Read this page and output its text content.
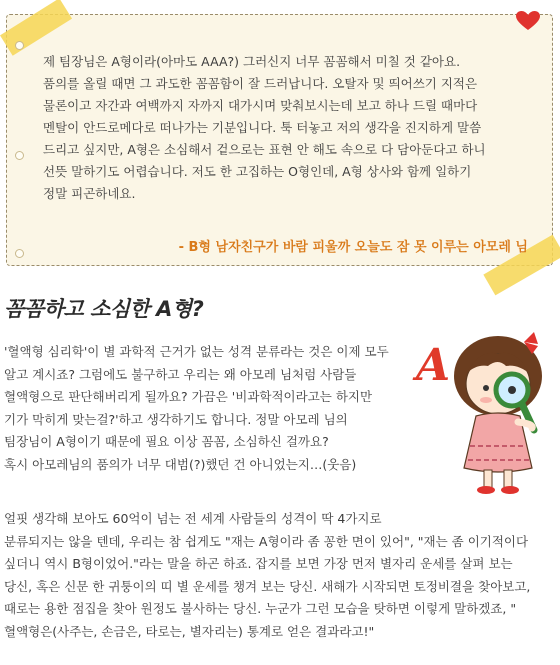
제 팀장님은 A형이라(아마도 AAA?) 그러신지 너무 꼼꼼해서 미칠 것 같아요.
품의를 올릴 때면 그 과도한 꼼꼼함이 잘 드러납니다. 오탈자 및 띄어쓰기 지적은
물론이고 자간과 여백까지 자까지 대가시며 맞춰보시는데 보고 하나 드릴 때마다
멘탈이 안드로메다로 떠나가는 기분입니다. 툭 터놓고 저의 생각을 진지하게 말씀
드리고 싶지만, A형은 소심해서 겉으로는 표현 안 해도 속으로 다 담아둔다고 하니
선뜻 말하기도 어렵습니다. 저도 한 고집하는 O형인데, A형 상사와 함께 일하기
정말 피곤하네요.
- B형 남자친구가 바람 피울까 오늘도 잠 못 이루는 아모레 님
꼼꼼하고 소심한 A형?
'혈액형 심리학'이 별 과학적 근거가 없는 성격 분류라는 것은 이제 모두
알고 계시죠? 그럼에도 불구하고 우리는 왜 아모레 님처럼 사람들
혈액형으로 판단해버리게 될까요? 가끔은 '비과학적이라고는 하지만
기가 막히게 맞는걸?'하고 생각하기도 합니다. 정말 아모레 님의
팀장님이 A형이기 때문에 필요 이상 꼼꼼, 소심하신 걸까요?
혹시 아모레님의 품의가 너무 대범(?)했던 건 아니었는지…(웃음)
A
얼핏 생각해 보아도 60억이 넘는 전 세계 사람들의 성격이 딱 4가지로
분류되지는 않을 텐데, 우리는 참 쉽게도 "재는 A형이라 좀 꽁한 면이 있어", "재는 좀 이기적이다
싶더니 역시 B형이었어."라는 말을 하곤 하죠. 잡지를 보면 가장 먼저 별자리 운세를 살펴 보는
당신, 혹은 신문 한 귀퉁이의 띠 별 운세를 챙겨 보는 당신. 새해가 시작되면 토정비결을 찾아보고,
때로는 용한 점집을 찾아 원정도 불사하는 당신. 누군가 그런 모습을 탓하면 이렇게 말하겠죠, "
혈액형은(사주는, 손금은, 타로는, 별자리는) 통계로 얻은 결과라고!"
